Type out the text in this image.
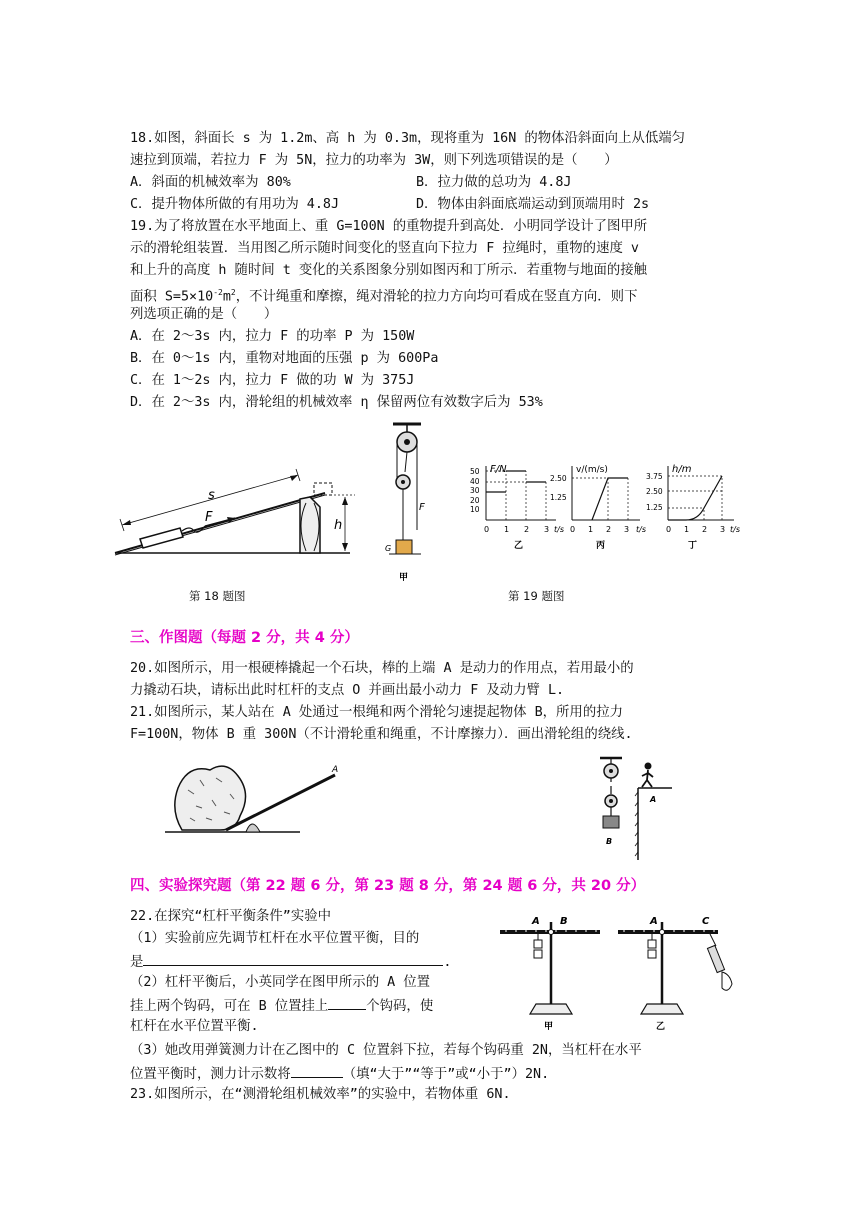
18.如图，斜面长 s 为 1.2m、高 h 为 0.3m，现将重为 16N 的物体沿斜面向上从低端匀
速拉到顶端，若拉力 F 为 5N，拉力的功率为 3W，则下列选项错误的是（　　）
A．斜面的机械效率为 80%	B．拉力做的总功为 4.8J
C．提升物体所做的有用功为 4.8J	D．物体由斜面底端运动到顶端用时 2s
19.为了将放置在水平地面上、重 G=100N 的重物提升到高处．小明同学设计了图甲所
示的滑轮组装置．当用图乙所示随时间变化的竖直向下拉力 F 拉绳时，重物的速度 v
和上升的高度 h 随时间 t 变化的关系图象分别如图丙和丁所示．若重物与地面的接触
面积 $S=5\times 10^{-2}m^2$，不计绳重和摩擦，绳对滑轮的拉力方向均可看成在竖直方向．则下
列选项正确的是（　　）
A．在 2～3s 内，拉力 F 的功率 P 为 150W
B．在 0～1s 内，重物对地面的压强 p 为 600Pa
C．在 1～2s 内，拉力 F 做的功 W 为 375J
D．在 2～3s 内，滑轮组的机械效率 η 保留两位有效数字后为 53%
F
s
h
F
G
甲
F/N
50
40
30
20
10
0 1 2 3 t/s
乙
v/(m/s)
2.50
1.25
0 1 2 3 t/s
丙
h/m
3.75
2.50
1.25
0 1 2 3 t/s
丁
第 18 题图	第 19 题图
三、作图题（每题 2 分，共 4 分）
20.如图所示，用一根硬棒撬起一个石块，棒的上端 A 是动力的作用点，若用最小的
力撬动石块，请标出此时杠杆的支点 O 并画出最小动力 F 及动力臂 L.
21.如图所示，某人站在 A 处通过一根绳和两个滑轮匀速提起物体 B，所用的拉力
F=100N，物体 B 重 300N（不计滑轮重和绳重，不计摩擦力）．画出滑轮组的绕线.
A
B
A
四、实验探究题（第 22 题 6 分，第 23 题 8 分，第 24 题 6 分，共 20 分）
22.在探究“杠杆平衡条件”实验中
（1）实验前应先调节杠杆在水平位置平衡，目的
是	.
（2）杠杆平衡后，小英同学在图甲所示的 A 位置
挂上两个钩码，可在 B 位置挂上	个钩码，使
杠杆在水平位置平衡.
（3）她改用弹簧测力计在乙图中的 C 位置斜下拉，若每个钩码重 2N，当杠杆在水平
位置平衡时，测力计示数将	（填“大于”“等于”或“小于”）2N.
23.如图所示，在“测滑轮组机械效率”的实验中，若物体重 6N.
A B
甲
A	C
乙
